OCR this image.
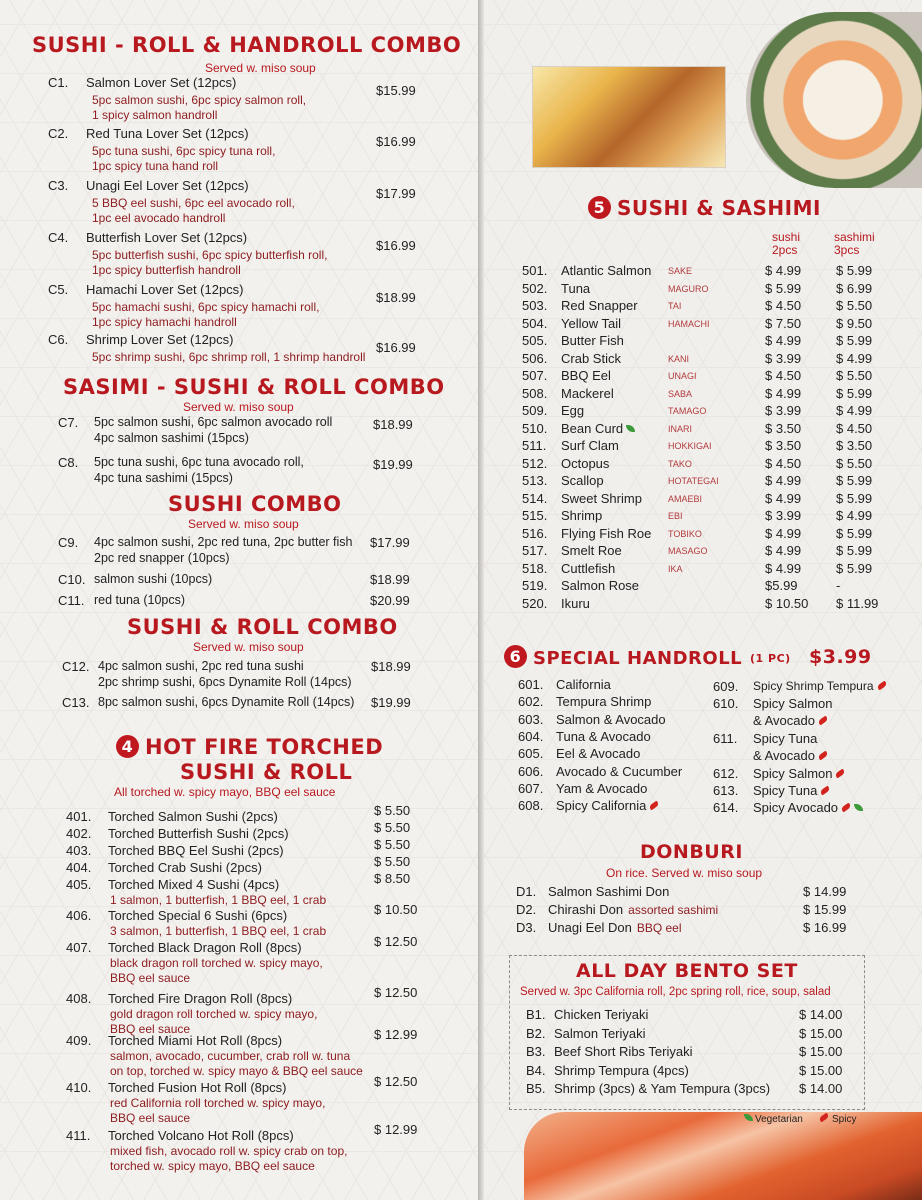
SUSHI - ROLL & HANDROLL COMBO
Served w. miso soup
C1. Salmon Lover Set (12pcs)
$15.99
5pc salmon sushi, 6pc spicy salmon roll,
1 spicy salmon handroll
C2. Red Tuna Lover Set (12pcs)
$16.99
5pc tuna sushi, 6pc spicy tuna roll,
1pc spicy tuna hand roll
C3. Unagi Eel Lover Set (12pcs)
$17.99
5 BBQ eel sushi, 6pc eel avocado roll,
1pc eel avocado handroll
C4. Butterfish Lover Set (12pcs)
$16.99
5pc butterfish sushi, 6pc spicy butterfish roll,
1pc spicy butterfish handroll
C5. Hamachi Lover Set (12pcs)
$18.99
5pc hamachi sushi, 6pc spicy hamachi roll,
1pc spicy hamachi handroll
C6. Shrimp Lover Set (12pcs)
$16.99
5pc shrimp sushi, 6pc shrimp roll, 1 shrimp handroll
SASIMI - SUSHI & ROLL COMBO
Served w. miso soup
C7. 5pc salmon sushi, 6pc salmon avocado roll
4pc salmon sashimi (15pcs)
$18.99
C8. 5pc tuna sushi, 6pc tuna avocado roll,
4pc tuna sashimi (15pcs)
$19.99
SUSHI COMBO
Served w. miso soup
C9. 4pc salmon sushi, 2pc red tuna, 2pc butter fish
2pc red snapper (10pcs)
$17.99
C10. salmon sushi (10pcs)	$18.99
C11. red tuna (10pcs)	$20.99
SUSHI & ROLL COMBO
Served w. miso soup
C12. 4pc salmon sushi, 2pc red tuna sushi
2pc shrimp sushi, 6pcs Dynamite Roll (14pcs)
$18.99
C13. 8pc salmon sushi, 6pcs Dynamite Roll (14pcs) $19.99
4 HOT FIRE TORCHED
SUSHI & ROLL
All torched w. spicy mayo, BBQ eel sauce
401. Torched Salmon Sushi (2pcs)	$ 5.50
402. Torched Butterfish Sushi (2pcs)	$ 5.50
403. Torched BBQ Eel Sushi (2pcs)	$ 5.50
404. Torched Crab Sushi (2pcs)	$ 5.50
405. Torched Mixed 4 Sushi (4pcs)	$ 8.50
1 salmon, 1 butterfish, 1 BBQ eel, 1 crab
406. Torched Special 6 Sushi (6pcs)	$ 10.50
3 salmon, 1 butterfish, 1 BBQ eel, 1 crab
407. Torched Black Dragon Roll (8pcs)	$ 12.50
black dragon roll torched w. spicy mayo,
BBQ eel sauce
408. Torched Fire Dragon Roll (8pcs)	$ 12.50
gold dragon roll torched w. spicy mayo,
BBQ eel sauce
409. Torched Miami Hot Roll (8pcs)	$ 12.99
salmon, avocado, cucumber, crab roll w. tuna
on top, torched w. spicy mayo & BBQ eel sauce
410. Torched Fusion Hot Roll (8pcs)	$ 12.50
red California roll torched w. spicy mayo,
BBQ eel sauce
411. Torched Volcano Hot Roll (8pcs)	$ 12.99
mixed fish, avocado roll w. spicy crab on top,
torched w. spicy mayo, BBQ eel sauce
5 SUSHI & SASHIMI
sushi
2pcs
sashimi
3pcs
501. Atlantic Salmon SAKE	$ 4.99	$ 5.99
502. Tuna	MAGURO	$ 5.99	$ 6.99
503. Red Snapper	TAI	$ 4.50	$ 5.50
504. Yellow Tail	HAMACHI	$ 7.50	$ 9.50
505. Butter Fish	$ 4.99	$ 5.99
506. Crab Stick	KANI	$ 3.99	$ 4.99
507. BBQ Eel	UNAGI	$ 4.50	$ 5.50
508. Mackerel	SABA	$ 4.99	$ 5.99
509. Egg	TAMAGO	$ 3.99	$ 4.99
510. Bean Curd	INARI	$ 3.50	$ 4.50
511. Surf Clam	HOKKIGAI	$ 3.50	$ 3.50
512. Octopus	TAKO	$ 4.50	$ 5.50
513. Scallop	HOTATEGAI	$ 4.99	$ 5.99
514. Sweet Shrimp	AMAEBI	$ 4.99	$ 5.99
515. Shrimp	EBI	$ 3.99	$ 4.99
516. Flying Fish Roe TOBIKO	$ 4.99	$ 5.99
517. Smelt Roe	MASAGO	$ 4.99	$ 5.99
518. Cuttlefish	IKA	$ 4.99	$ 5.99
519. Salmon Rose	$5.99	-
520. Ikuru	$ 10.50 $ 11.99
6 SPECIAL HANDROLL (1 PC) $3.99
601. California
602. Tempura Shrimp
603. Salmon & Avocado
604. Tuna & Avocado
605. Eel & Avocado
606. Avocado & Cucumber
607. Yam & Avocado
608. Spicy California
609. Spicy Shrimp Tempura
610. Spicy Salmon
& Avocado
611. Spicy Tuna
& Avocado
612. Spicy Salmon
613. Spicy Tuna
614. Spicy Avocado
DONBURI
On rice. Served w. miso soup
D1. Salmon Sashimi Don	$ 14.99
D2. Chirashi Don assorted sashimi	$ 15.99
D3. Unagi Eel Don BBQ eel	$ 16.99
ALL DAY BENTO SET
Served w. 3pc California roll, 2pc spring roll, rice, soup, salad
B1. Chicken Teriyaki	$ 14.00
B2. Salmon Teriyaki	$ 15.00
B3. Beef Short Ribs Teriyaki	$ 15.00
B4. Shrimp Tempura (4pcs)	$ 15.00
B5. Shrimp (3pcs) & Yam Tempura (3pcs) $ 14.00
Vegetarian	Spicy
